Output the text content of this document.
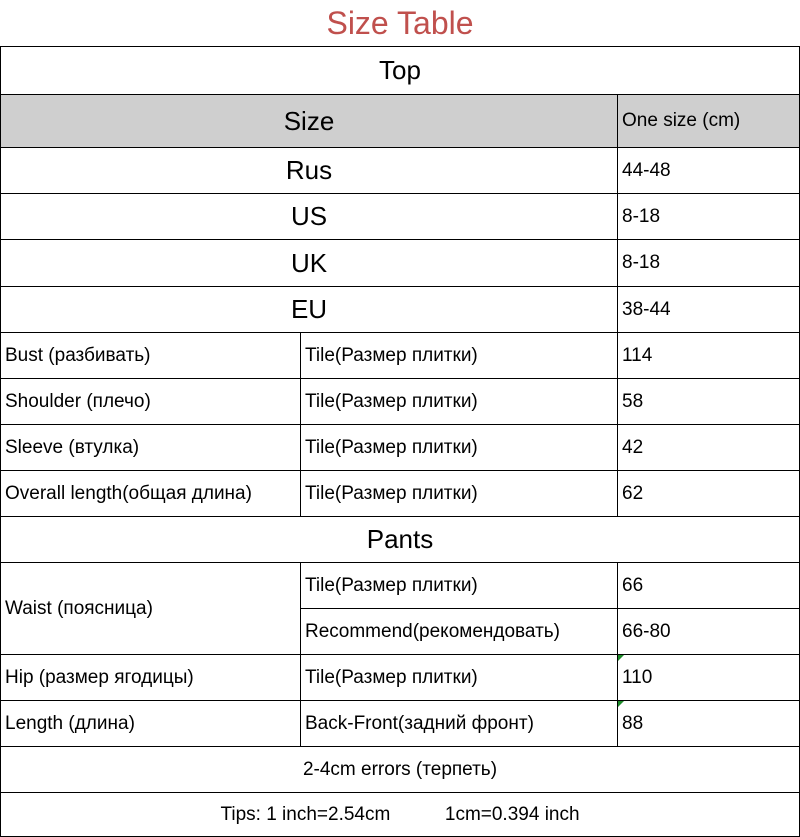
Size Table
Top		
Size		One size (cm)
Rus		44-48
US		8-18
UK		8-18
EU		38-44
Bust (разбивать)	Tile(Размер плитки)	114
Shoulder (плечо)	Tile(Размер плитки)	58
Sleeve (втулка)	Tile(Размер плитки)	42
Overall length(общая длина)	Tile(Размер плитки)	62
Pants		
Waist (поясница)	Tile(Размер плитки)	66
	Recommend(рекомендовать)	66-80
Hip (размер ягодицы)	Tile(Размер плитки)	110
Length (длина)	Back-Front(задний фронт)	88
2-4cm errors (терпеть)		
Tips: 1 inch=2.54cm 1cm=0.394 inch		
